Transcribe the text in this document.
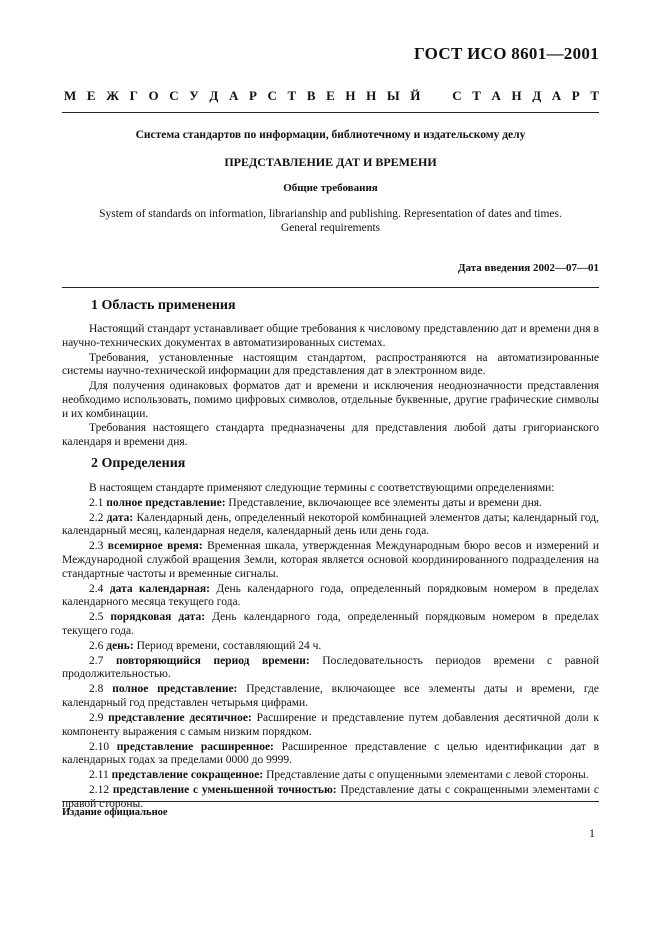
ГОСТ ИСО 8601—2001
М Е Ж Г О С У Д А Р С Т В Е Н Н Ы Й С Т А Н Д А Р Т
Система стандартов по информации, библиотечному и издательскому делу
ПРЕДСТАВЛЕНИЕ ДАТ И ВРЕМЕНИ
Общие требования
System of standards on information, librarianship and publishing. Representation of dates and times.
General requirements
Дата введения 2002—07—01
1 Область применения

Настоящий стандарт устанавливает общие требования к числовому представлению дат и времени дня в научно-технических документах в автоматизированных системах.

Требования, установленные настоящим стандартом, распространяются на автоматизированные системы научно-технической информации для представления дат в электронном виде.

Для получения одинаковых форматов дат и времени и исключения неоднозначности представления необходимо использовать, помимо цифровых символов, отдельные буквенные, другие графические символы и их комбинации.

Требования настоящего стандарта предназначены для представления любой даты григорианского календаря и времени дня.

2 Определения

В настоящем стандарте применяют следующие термины с соответствующими определениями:

2.1 полное представление: Представление, включающее все элементы даты и времени дня.

2.2 дата: Календарный день, определенный некоторой комбинацией элементов даты; календарный год, календарный месяц, календарная неделя, календарный день или день года.

2.3 всемирное время: Временная шкала, утвержденная Международным бюро весов и измерений и Международной службой вращения Земли, которая является основой координированного подразделения на стандартные частоты и временные сигналы.

2.4 дата календарная: День календарного года, определенный порядковым номером в пределах календарного месяца текущего года.

2.5 порядковая дата: День календарного года, определенный порядковым номером в пределах текущего года.

2.6 день: Период времени, составляющий 24 ч.

2.7 повторяющийся период времени: Последовательность периодов времени с равной продолжительностью.

2.8 полное представление: Представление, включающее все элементы даты и времени, где календарный год представлен четырьмя цифрами.

2.9 представление десятичное: Расширение и представление путем добавления десятичной доли к компоненту выражения с самым низким порядком.

2.10 представление расширенное: Расширенное представление с целью идентификации дат в календарных годах за пределами 0000 до 9999.

2.11 представление сокращенное: Представление даты с опущенными элементами с левой стороны.

2.12 представление с уменьшенной точностью: Представление даты с сокращенными элементами с правой стороны.

Издание официальное
1
